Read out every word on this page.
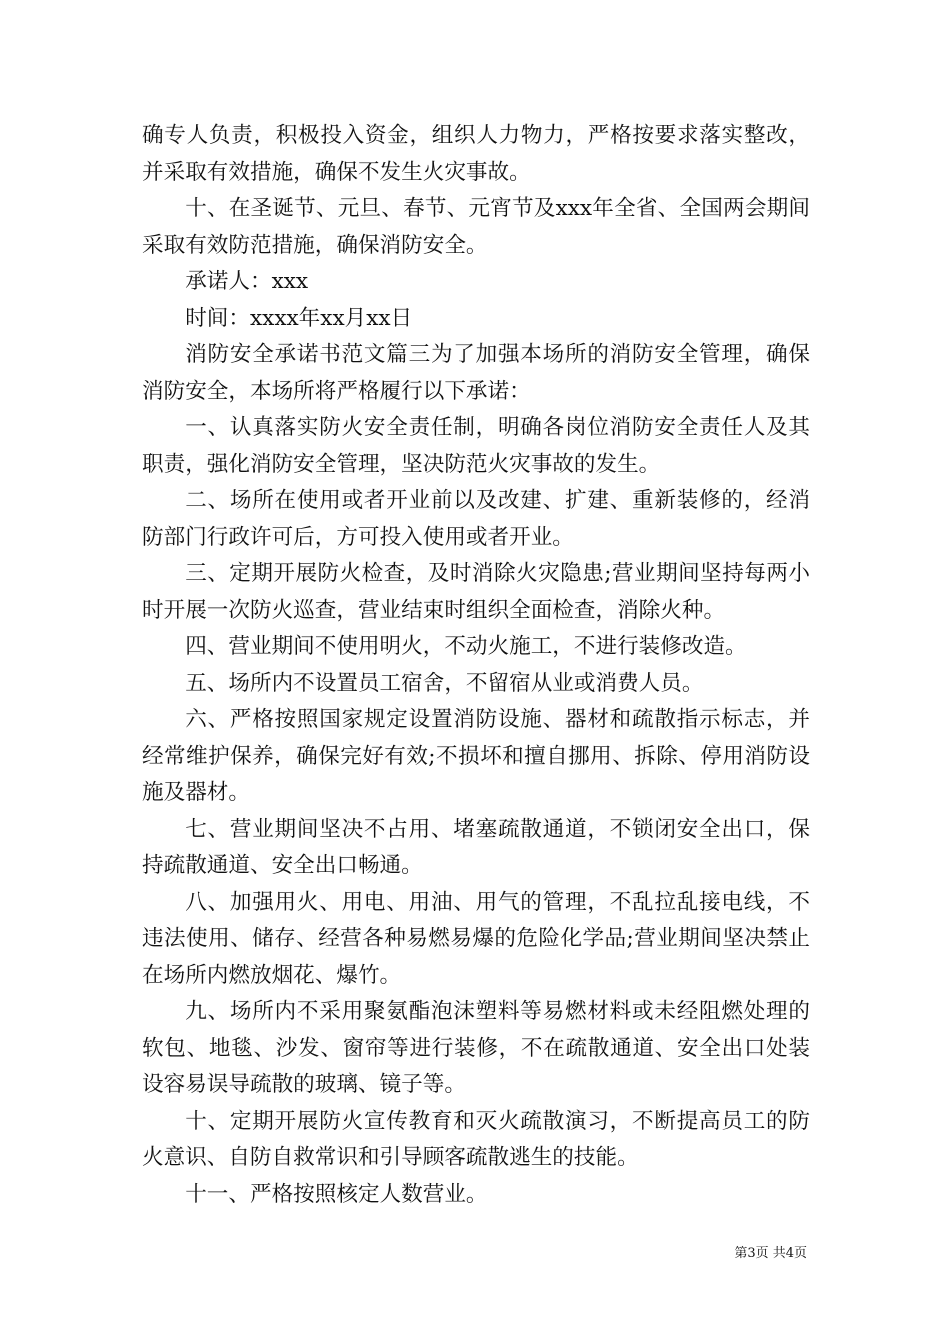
确专人负责，积极投入资金，组织人力物力，严格按要求落实整改，并采取有效措施，确保不发生火灾事故。

十、在圣诞节、元旦、春节、元宵节及xxx年全省、全国两会期间采取有效防范措施，确保消防安全。

承诺人：xxx

时间：xxxx年xx月xx日

消防安全承诺书范文篇三为了加强本场所的消防安全管理，确保消防安全，本场所将严格履行以下承诺：

一、认真落实防火安全责任制，明确各岗位消防安全责任人及其职责，强化消防安全管理，坚决防范火灾事故的发生。

二、场所在使用或者开业前以及改建、扩建、重新装修的，经消防部门行政许可后，方可投入使用或者开业。

三、定期开展防火检查，及时消除火灾隐患;营业期间坚持每两小时开展一次防火巡查，营业结束时组织全面检查，消除火种。

四、营业期间不使用明火，不动火施工，不进行装修改造。

五、场所内不设置员工宿舍，不留宿从业或消费人员。

六、严格按照国家规定设置消防设施、器材和疏散指示标志，并经常维护保养，确保完好有效;不损坏和擅自挪用、拆除、停用消防设施及器材。

七、营业期间坚决不占用、堵塞疏散通道，不锁闭安全出口，保持疏散通道、安全出口畅通。

八、加强用火、用电、用油、用气的管理，不乱拉乱接电线，不违法使用、储存、经营各种易燃易爆的危险化学品;营业期间坚决禁止在场所内燃放烟花、爆竹。

九、场所内不采用聚氨酯泡沫塑料等易燃材料或未经阻燃处理的软包、地毯、沙发、窗帘等进行装修，不在疏散通道、安全出口处装设容易误导疏散的玻璃、镜子等。

十、定期开展防火宣传教育和灭火疏散演习，不断提高员工的防火意识、自防自救常识和引导顾客疏散逃生的技能。

十一、严格按照核定人数营业。

第3页 共4页
